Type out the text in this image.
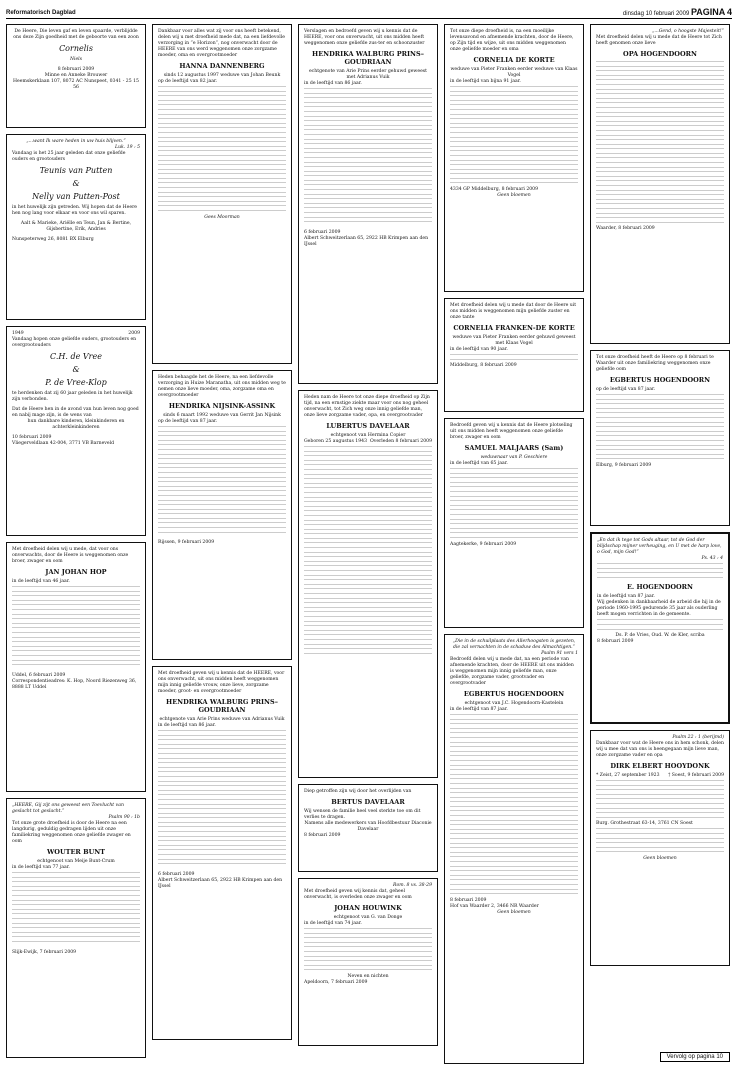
Reformatorisch Dagblad	dinsdag 10 februari 2009 PAGINA 4
De Heere, Die leven gaf en leven spaarde, verblijdde ons deze Zijn goedheid met de geboorte van een zoon
Cornelis
Niels
8 februari 2009
Minne en Anneke Brouwer
Heemskerklaan 107, 8072 AC Nunspeet, 0341 - 25 15 56
„...want Ik ware heden in uw huis blijven.”
Luk. 19 : 5
Vandaag is het 25 jaar geleden dat onze geliefde ouders en grootouders
Teunis van Putten
&
Nelly van Putten-Post
in het huwelijk zijn getreden. Wij hopen dat de Heere hen nog lang voor elkaar en voor ons wil sparen.
Aalt & Marieke, Ariëlle en Teun, Jan & Bertine, Gijsbertine, Erik, Andries
Nunspeterweg 26, 8081 BX Elburg
1949	2009
Vandaag hopen onze geliefde ouders, grootouders en overgrootouders
C.H. de Vree
&
P. de Vree-Klop
te herdenken dat zij 60 jaar geleden in het huwelijk zijn verbonden.
Dat de Heere hen in de avond van hun leven nog goed en nabij mage zijn, is de wens van
hun dankbare kinderen, kleinkinderen en achterkleinkinderen
10 februari 2009
Vliegerveldlaan 42-004, 3771 VB Barneveld
Met droefheid delen wij u mede, dat voor ons onverwachts, door de Heere is weggenomen onze broer, zwager en oom
JAN JOHAN HOP
in de leeftijd van 46 jaar.
Uddel, 6 februari 2009
Correspondentieadres: K. Hop, Noord Riezenweg 36, 8888 LT Uddel
„HEERE, Gij zijt ons geweest een Toevlucht van geslacht tot geslacht.”
Psalm 90 : 1b
Tot onze grote droefheid is door de Heere na een langdurig, geduldig gedragen lijden uit onze familiekring weggenomen onze geliefde zwager en oom
WOUTER BUNT
echtgenoot van Meije Bunt-Crum
in de leeftijd van 77 jaar.
Slijk-Ewijk, 7 februari 2009
Dankbaar voor alles wat zij voor ons heeft betekend, delen wij u met droefheid mede dat, na een liefdevolle verzorging in ”e Horizon”, nog onverwacht door de HEERE van ons werd weggenomen onze zorgzame moeder, oma en overgrootmoeder
HANNA DANNENBERG
sinds 12 augustus 1997 weduwe van Johan Beunk
op de leeftijd van 82 jaar.
Gees Moorman
Heden behaagde het de Heere, na een liefdevolle verzorging in Huize Maranatha, uit ons midden weg te nemen onze lieve moeder, oma, zorgzame oma en overgrootmoeder
HENDRIKA NIJSINK-ASSINK
sinds 6 maart 1992 weduwe van Gerrit Jan Nijsink
op de leeftijd van 87 jaar.
Rijssen, 9 februari 2009
Met droefheid geven wij u kennis dat de HEERE, voor ons onverwacht, uit ons midden heeft weggenomen mijn innig geliefde vrouw, onze lieve, zorgzame moeder, groot- en overgrootmoeder
HENDRIKA WALBURG PRINS–GOUDRIAAN
echtgenote van Arie Prins weduwe van Adrianus Vuik
in de leeftijd van 86 jaar.
6 februari 2009
Albert Schweitzerlaan 65, 2922 HB Krimpen aan den IJssel
Verslagen en bedroefd geven wij u kennis dat de HEERE, voor ons onverwacht, uit ons midden heeft weggenomen onze geliefde zus-ter en schoonzuster
HENDRIKA WALBURG PRINS–GOUDRIAAN
echtgenote van Arie Prins eerder gehuwd geweest met Adrianus Vuik
in de leeftijd van 86 jaar.
6 februari 2009
Albert Schweitzerlaan 65, 2922 HB Krimpen aan den IJssel
Heden nam de Heere tot onze diepe droefheid op Zijn tijd, na een ernstige ziekte maar voor ons nog geheel onverwacht, tot Zich weg onze innig geliefde man, onze lieve zorgzame vader, opa, en overgrootvader
LUBERTUS DAVELAAR
echtgenoot van Hermina Copier
Geboren 25 augustus 1943 Overleden 8 februari 2009
Diep getroffen zijn wij door het overlijden van
BERTUS DAVELAAR
Wij wensen de familie heel veel sterkte toe om dit verlies te dragen.
Namens alle medewerkers van Hoofdbestuur Diaconie Davelaar
8 februari 2009
Rom. 8 vs. 38-29
Met droefheid geven wij kennis dat, geheel onverwacht, is overleden onze zwager en oom
JOHAN HOUWINK
echtgenoot van G. van Donge
in de leeftijd van 74 jaar.
Neven en nichten
Apeldoorn, 7 februari 2009
Tot onze diepe droefheid is, na een moeilijke levensavond en afnemende krachten, door de Heere, op Zijn tijd en wijze, uit ons midden weggenomen onze geliefde moeder en oma
CORNELIA DE KORTE
weduwe van Pieter Franken eerder weduwe van Klaas Vogel
in de leeftijd van bijna 91 jaar.
4334 GP Middelburg, 8 februari 2009
Geen bloemen
Met droefheid delen wij u mede dat door de Heere uit ons midden is weggenomen mijn geliefde zuster en onze tante
CORNELIA FRANKEN-DE KORTE
weduwe van Pieter Franken eerder gehuwd geweest met Klaas Vogel
in de leeftijd van 90 jaar.
Middelburg, 8 februari 2009
Bedroefd geven wij u kennis dat de Heere plotseling uit ons midden heeft weggenomen onze geliefde broer, zwager en oom
SAMUEL MALJAARS (Sam)
weduwnaar van P. Geschiere
in de leeftijd van 65 jaar.
Aagtekerke, 9 februari 2009
„Die in de schuilplaats des Allerhoogsten is gezeten, die zal vernachten in de schaduw des Almachtigen.”
Psalm 91 vers 1
Bedroefd delen wij u mede dat, na een periode van afnemende krachten, door de HEERE uit ons midden is weggenomen mijn innig geliefde man, onze geliefde, zorgzame vader, grootvader en overgrootvader
EGBERTUS HOGENDOORN
echtgenoot van J.C. Hogendoorn-Kastelein
in de leeftijd van 87 jaar.
8 februari 2009
Hof van Waarder 2, 3466 NR Waarder
Geen bloemen
„...Gend, o hoogste Majesteit!”
Met droefheid delen wij u mede dat de Heere tot Zich heeft genomen onze lieve
OPA HOGENDOORN
Waarder, 8 februari 2009
Tot onze droefheid heeft de Heere op 8 februari te Waarder uit onze familiekring weggenomen onze geliefde oom
EGBERTUS HOGENDOORN
op de leeftijd van 87 jaar.
Elburg, 9 februari 2009
„En dat ik tege tot Gods altaar, tot de God der blijdschap mijner verheuging, en U met de harp love, o God, mijn God!”
Ps. 43 : 4
E. HOGENDOORN
in de leeftijd van 87 jaar.
Wij gedenken in dankbaarheid de arbeid die hij in de periode 1960-1995 gedurende 35 jaar als ouderling heeft mogen verrichten in de gemeente.
Ds. P. de Vries, Oud. W. de Kler, scriba
8 februari 2009
Psalm 22 : 1 (berijmd)
Dankbaar voor wat de Heere ons in hem schonk, delen wij u mee dat van ons is heengegaan mijn lieve man, onze zorgzame vader en opa
DIRK ELBERT HOOYDONK
* Zeist, 27 september 1923 † Soest, 9 februari 2009
Burg. Grothestraat 63-14, 3761 CN Soest
Geen bloemen
Vervolg op pagina 10
